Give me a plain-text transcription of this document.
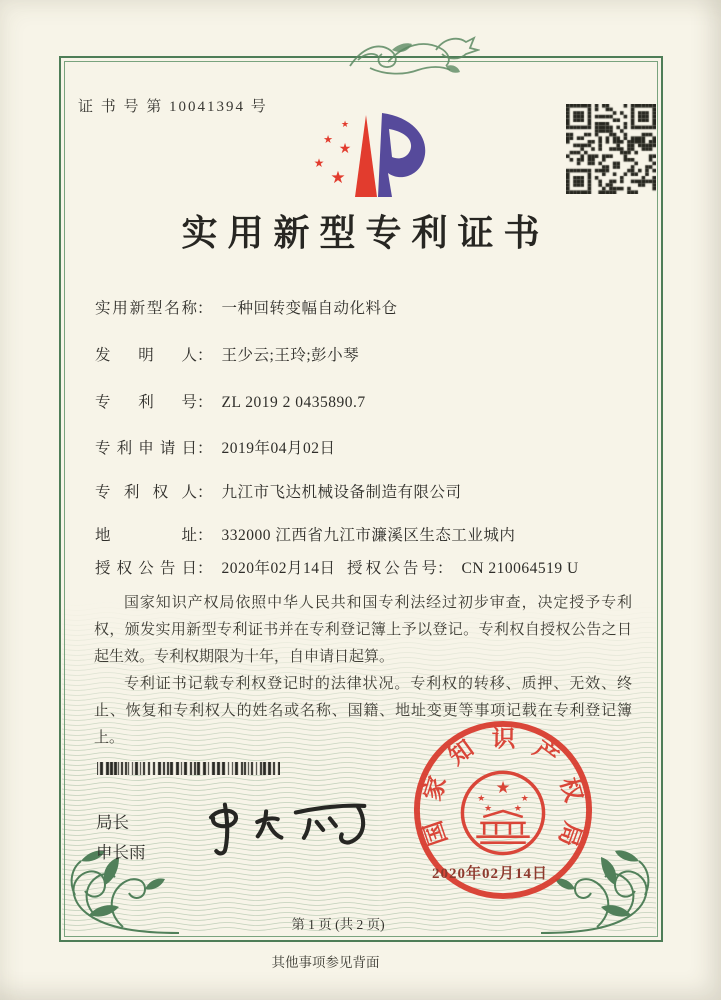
证 书 号 第 10041394 号
★
★
★
★
★
实用新型专利证书
实用新型名称： 一种回转变幅自动化料仓
发明人： 王少云;王玲;彭小琴
专利号： ZL 2019 2 0435890.7
专利申请日： 2019年04月02日
专利权人： 九江市飞达机械设备制造有限公司
地址： 332000 江西省九江市濂溪区生态工业城内
授权公告日： 2020年02月14日 授权公告号： CN 210064519 U

国家知识产权局依照中华人民共和国专利法经过初步审查，决定授予专利权，颁发实用新型专利证书并在专利登记簿上予以登记。专利权自授权公告之日起生效。专利权期限为十年，自申请日起算。

专利证书记载专利权登记时的法律状况。专利权的转移、质押、无效、终止、恢复和专利权人的姓名或名称、国籍、地址变更等事项记载在专利登记簿上。

局长
申长雨
国家知识产权局
★
★	★
★ ★
2020年02月14日
第 1 页 (共 2 页)
其他事项参见背面
